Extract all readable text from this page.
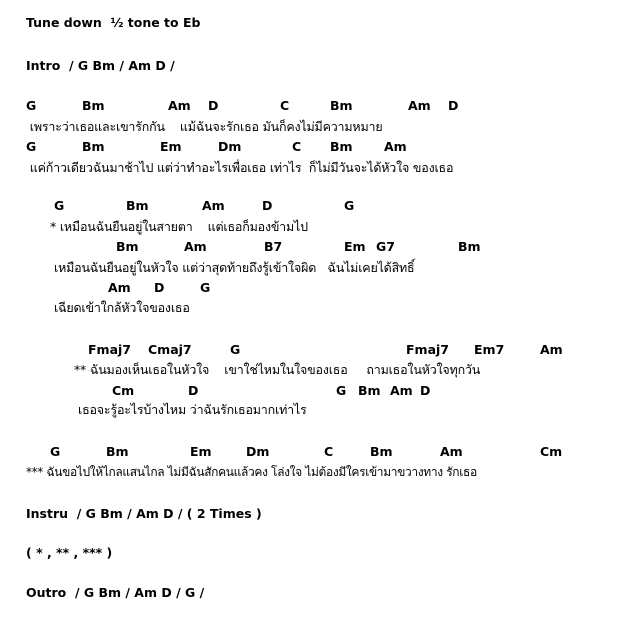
Tune down  ½ tone to Eb
Intro  / G Bm / Am D /
G	Bm	Am D	C	Bm	Am D
เพราะว่าเธอและเขารักกัน    แม้ฉันจะรักเธอ มันก็คงไม่มีความหมาย
G	Bm	Em	Dm	C Bm	Am
แค่ก้าวเดียวฉันมาช้าไป แต่ว่าทำอะไรเพื่อเธอ เท่าไร  ก็ไม่มีวันจะได้หัวใจ ของเธอ
G	Bm	Am	D	G
* เหมือนฉันยืนอยู่ในสายตา    แต่เธอก็มองข้ามไป
Bm	Am	B7	Em G7	Bm
เหมือนฉันยืนอยู่ในหัวใจ แต่ว่าสุดท้ายถึงรู้เข้าใจผิด   ฉันไม่เคยได้สิทธิ์
Am D	G
เฉียดเข้าใกล้หัวใจของเธอ
Fmaj7 Cmaj7	G	Fmaj7 Em7	Am
** ฉันมองเห็นเธอในหัวใจ    เขาใช่ไหมในใจของเธอ     ถามเธอในหัวใจทุกวัน
Cm	D	G Bm Am D
เธอจะรู้อะไรบ้างไหม ว่าฉันรักเธอมากเท่าไร
G	Bm	Em	Dm	C	Bm	Am	Cm
*** ฉันขอไปให้ไกลแสนไกล ไม่มีฉันสักคนแล้วคง โล่งใจ ไม่ต้องมีใครเข้ามาขวางทาง รักเธอ
Instru  / G Bm / Am D / ( 2 Times )
( * , ** , *** )
Outro  / G Bm / Am D / G /
